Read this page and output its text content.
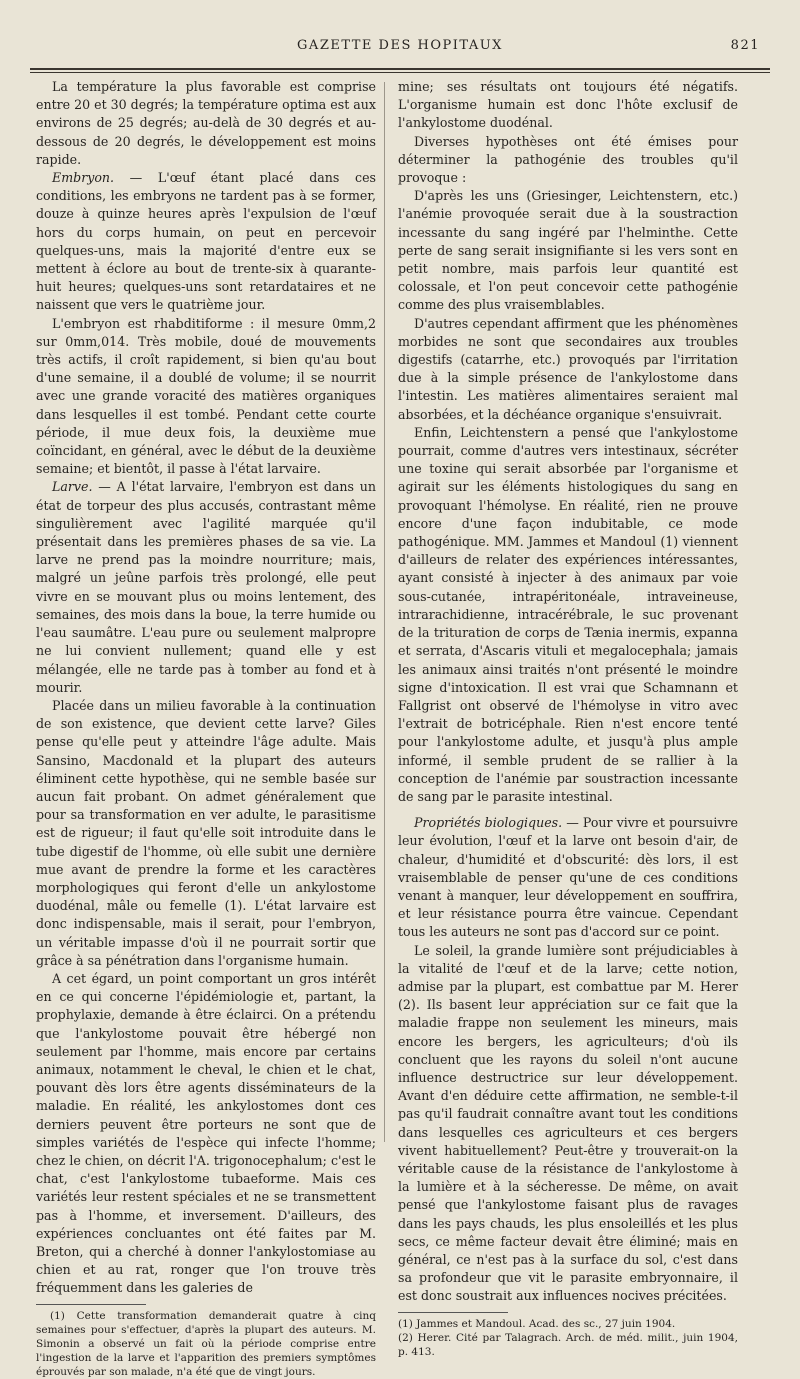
GAZETTE DES HOPITAUX	821

La température la plus favorable est comprise entre 20 et 30 degrés; la température optima est aux environs de 25 degrés; au-delà de 30 degrés et au-dessous de 20 degrés, le développement est moins rapide.

Embryon. — L'œuf étant placé dans ces conditions, les embryons ne tardent pas à se former, douze à quinze heures après l'expulsion de l'œuf hors du corps humain, on peut en percevoir quelques-uns, mais la majorité d'entre eux se mettent à éclore au bout de trente-six à quarante-huit heures; quelques-uns sont retardataires et ne naissent que vers le quatrième jour.

L'embryon est rhabditiforme : il mesure 0mm,2 sur 0mm,014. Très mobile, doué de mouvements très actifs, il croît rapidement, si bien qu'au bout d'une semaine, il a doublé de volume; il se nourrit avec une grande voracité des matières organiques dans lesquelles il est tombé. Pendant cette courte période, il mue deux fois, la deuxième mue coïncidant, en général, avec le début de la deuxième semaine; et bientôt, il passe à l'état larvaire.

Larve. — A l'état larvaire, l'embryon est dans un état de torpeur des plus accusés, contrastant même singulièrement avec l'agilité marquée qu'il présentait dans les premières phases de sa vie. La larve ne prend pas la moindre nourriture; mais, malgré un jeûne parfois très prolongé, elle peut vivre en se mouvant plus ou moins lentement, des semaines, des mois dans la boue, la terre humide ou l'eau saumâtre. L'eau pure ou seulement malpropre ne lui convient nullement; quand elle y est mélangée, elle ne tarde pas à tomber au fond et à mourir.

Placée dans un milieu favorable à la continuation de son existence, que devient cette larve? Giles pense qu'elle peut y atteindre l'âge adulte. Mais Sansino, Macdonald et la plupart des auteurs éliminent cette hypothèse, qui ne semble basée sur aucun fait probant. On admet généralement que pour sa transformation en ver adulte, le parasitisme est de rigueur; il faut qu'elle soit introduite dans le tube digestif de l'homme, où elle subit une dernière mue avant de prendre la forme et les caractères morphologiques qui feront d'elle un ankylostome duodénal, mâle ou femelle (1). L'état larvaire est donc indispensable, mais il serait, pour l'embryon, un véritable impasse d'où il ne pourrait sortir que grâce à sa pénétration dans l'organisme humain.

A cet égard, un point comportant un gros intérêt en ce qui concerne l'épidémiologie et, partant, la prophylaxie, demande à être éclairci. On a prétendu que l'ankylostome pouvait être hébergé non seulement par l'homme, mais encore par certains animaux, notamment le cheval, le chien et le chat, pouvant dès lors être agents disséminateurs de la maladie. En réalité, les ankylostomes dont ces derniers peuvent être porteurs ne sont que de simples variétés de l'espèce qui infecte l'homme; chez le chien, on décrit l'A. trigonocephalum; c'est le chat, c'est l'ankylostome tubaeforme. Mais ces variétés leur restent spéciales et ne se transmettent pas à l'homme, et inversement. D'ailleurs, des expériences concluantes ont été faites par M. Breton, qui a cherché à donner l'ankylostomiase au chien et au rat, ronger que l'on trouve très fréquemment dans les galeries de

(1) Cette transformation demanderait quatre à cinq semaines pour s'effectuer, d'après la plupart des auteurs. M. Simonin a observé un fait où la période comprise entre l'ingestion de la larve et l'apparition des premiers symptômes éprouvés par son malade, n'a été que de vingt jours.

mine; ses résultats ont toujours été négatifs. L'organisme humain est donc l'hôte exclusif de l'ankylostome duodénal.

Diverses hypothèses ont été émises pour déterminer la pathogénie des troubles qu'il provoque :

D'après les uns (Griesinger, Leichtenstern, etc.) l'anémie provoquée serait due à la soustraction incessante du sang ingéré par l'helminthe. Cette perte de sang serait insignifiante si les vers sont en petit nombre, mais parfois leur quantité est colossale, et l'on peut concevoir cette pathogénie comme des plus vraisemblables.

D'autres cependant affirment que les phénomènes morbides ne sont que secondaires aux troubles digestifs (catarrhe, etc.) provoqués par l'irritation due à la simple présence de l'ankylostome dans l'intestin. Les matières alimentaires seraient mal absorbées, et la déchéance organique s'ensuivrait.

Enfin, Leichtenstern a pensé que l'ankylostome pourrait, comme d'autres vers intestinaux, sécréter une toxine qui serait absorbée par l'organisme et agirait sur les éléments histologiques du sang en provoquant l'hémolyse. En réalité, rien ne prouve encore d'une façon indubitable, ce mode pathogénique. MM. Jammes et Mandoul (1) viennent d'ailleurs de relater des expériences intéressantes, ayant consisté à injecter à des animaux par voie sous-cutanée, intrapéritonéale, intraveineuse, intrarachidienne, intracérébrale, le suc provenant de la trituration de corps de Tænia inermis, expanna et serrata, d'Ascaris vituli et megalocephala; jamais les animaux ainsi traités n'ont présenté le moindre signe d'intoxication. Il est vrai que Schamnann et Fallgrist ont observé de l'hémolyse in vitro avec l'extrait de botricéphale. Rien n'est encore tenté pour l'ankylostome adulte, et jusqu'à plus ample informé, il semble prudent de se rallier à la conception de l'anémie par soustraction incessante de sang par le parasite intestinal.

Propriétés biologiques. — Pour vivre et poursuivre leur évolution, l'œuf et la larve ont besoin d'air, de chaleur, d'humidité et d'obscurité: dès lors, il est vraisemblable de penser qu'une de ces conditions venant à manquer, leur développement en souffrira, et leur résistance pourra être vaincue. Cependant tous les auteurs ne sont pas d'accord sur ce point.

Le soleil, la grande lumière sont préjudiciables à la vitalité de l'œuf et de la larve; cette notion, admise par la plupart, est combattue par M. Herer (2). Ils basent leur appréciation sur ce fait que la maladie frappe non seulement les mineurs, mais encore les bergers, les agriculteurs; d'où ils concluent que les rayons du soleil n'ont aucune influence destructrice sur leur développement. Avant d'en déduire cette affirmation, ne semble-t-il pas qu'il faudrait connaître avant tout les conditions dans lesquelles ces agriculteurs et ces bergers vivent habituellement? Peut-être y trouverait-on la véritable cause de la résistance de l'ankylostome à la lumière et à la sécheresse. De même, on avait pensé que l'ankylostome faisant plus de ravages dans les pays chauds, les plus ensoleillés et les plus secs, ce même facteur devait être éliminé; mais en général, ce n'est pas à la surface du sol, c'est dans sa profondeur que vit le parasite embryonnaire, il est donc soustrait aux influences nocives précitées.

(1) Jammes et Mandoul. Acad. des sc., 27 juin 1904.

(2) Herer. Cité par Talagrach. Arch. de méd. milit., juin 1904, p. 413.
